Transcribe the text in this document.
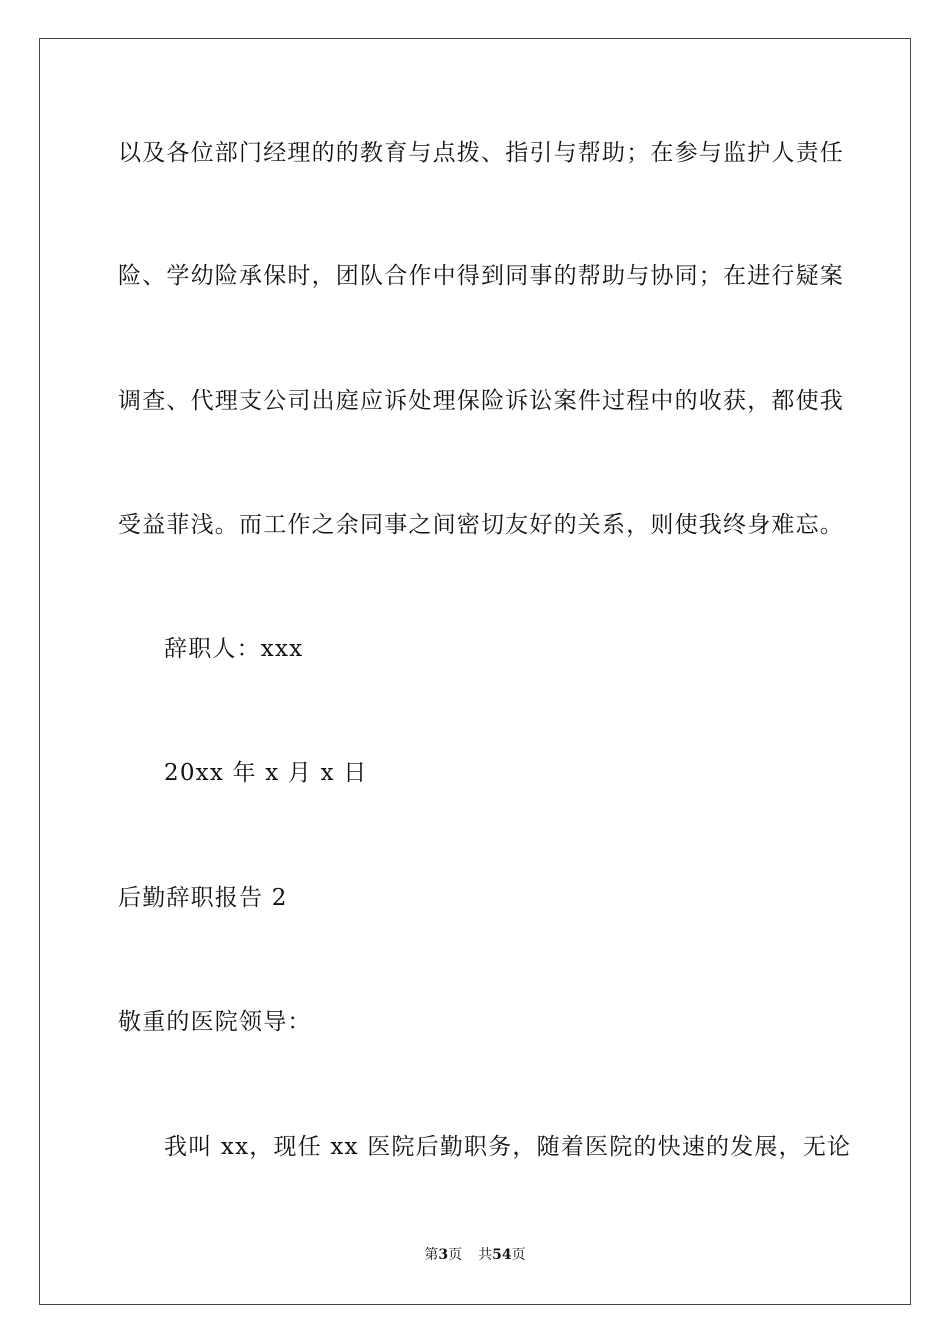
以及各位部门经理的的教育与点拨、指引与帮助；在参与监护人责任
险、学幼险承保时，团队合作中得到同事的帮助与协同；在进行疑案
调查、代理支公司出庭应诉处理保险诉讼案件过程中的收获，都使我
受益菲浅。而工作之余同事之间密切友好的关系，则使我终身难忘。
辞职人：xxx
20xx 年 x 月 x 日
后勤辞职报告 2
敬重的医院领导：
我叫 xx，现任 xx 医院后勤职务，随着医院的快速的发展，无论
第3页 共54页
